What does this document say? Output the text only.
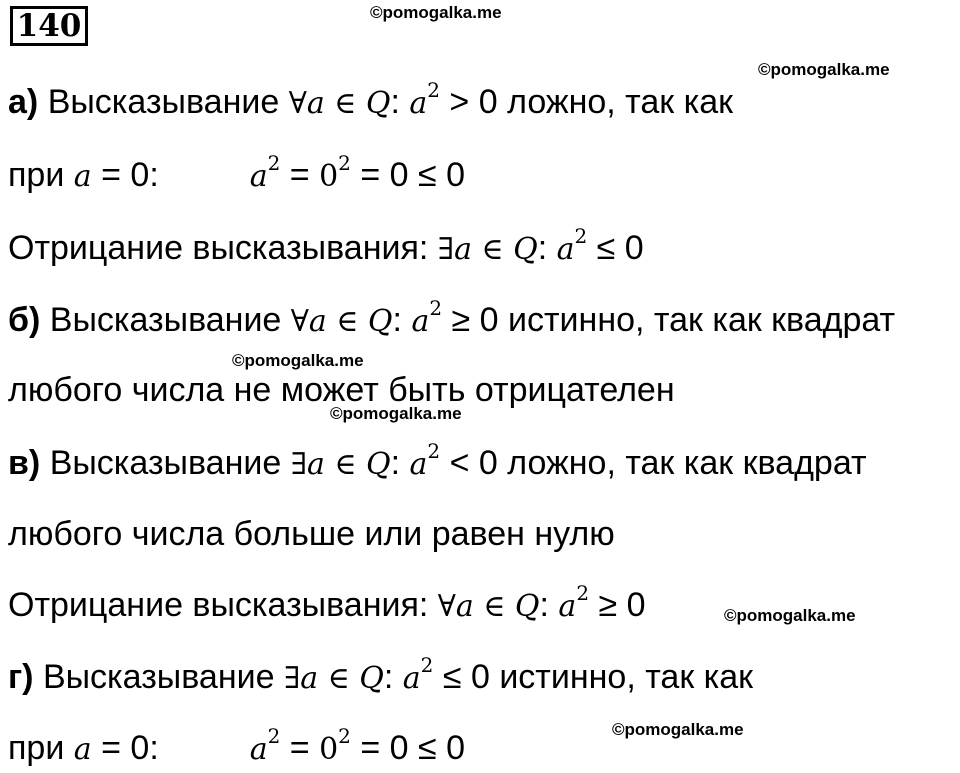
140	©pomogalka.me
©pomogalka.me
©pomogalka.me
©pomogalka.me
©pomogalka.me
©pomogalka.me
а) Высказывание ∀a ∈ Q: $a^2 > 0$ ложно, так как
при a = 0:	$a^2 = 0^2 = 0 \le 0$
Отрицание высказывания: ∃a ∈ Q: $a^2 \le 0$
б) Высказывание ∀a ∈ Q: $a^2 \ge 0$ истинно, так как квадрат
любого числа не может быть отрицателен
в) Высказывание ∃a ∈ Q: $a^2 < 0$ ложно, так как квадрат
любого числа больше или равен нулю
Отрицание высказывания: ∀a ∈ Q: $a^2 \ge 0$
г) Высказывание ∃a ∈ Q: $a^2 \le 0$ истинно, так как
при a = 0:	$a^2 = 0^2 = 0 \le 0$
